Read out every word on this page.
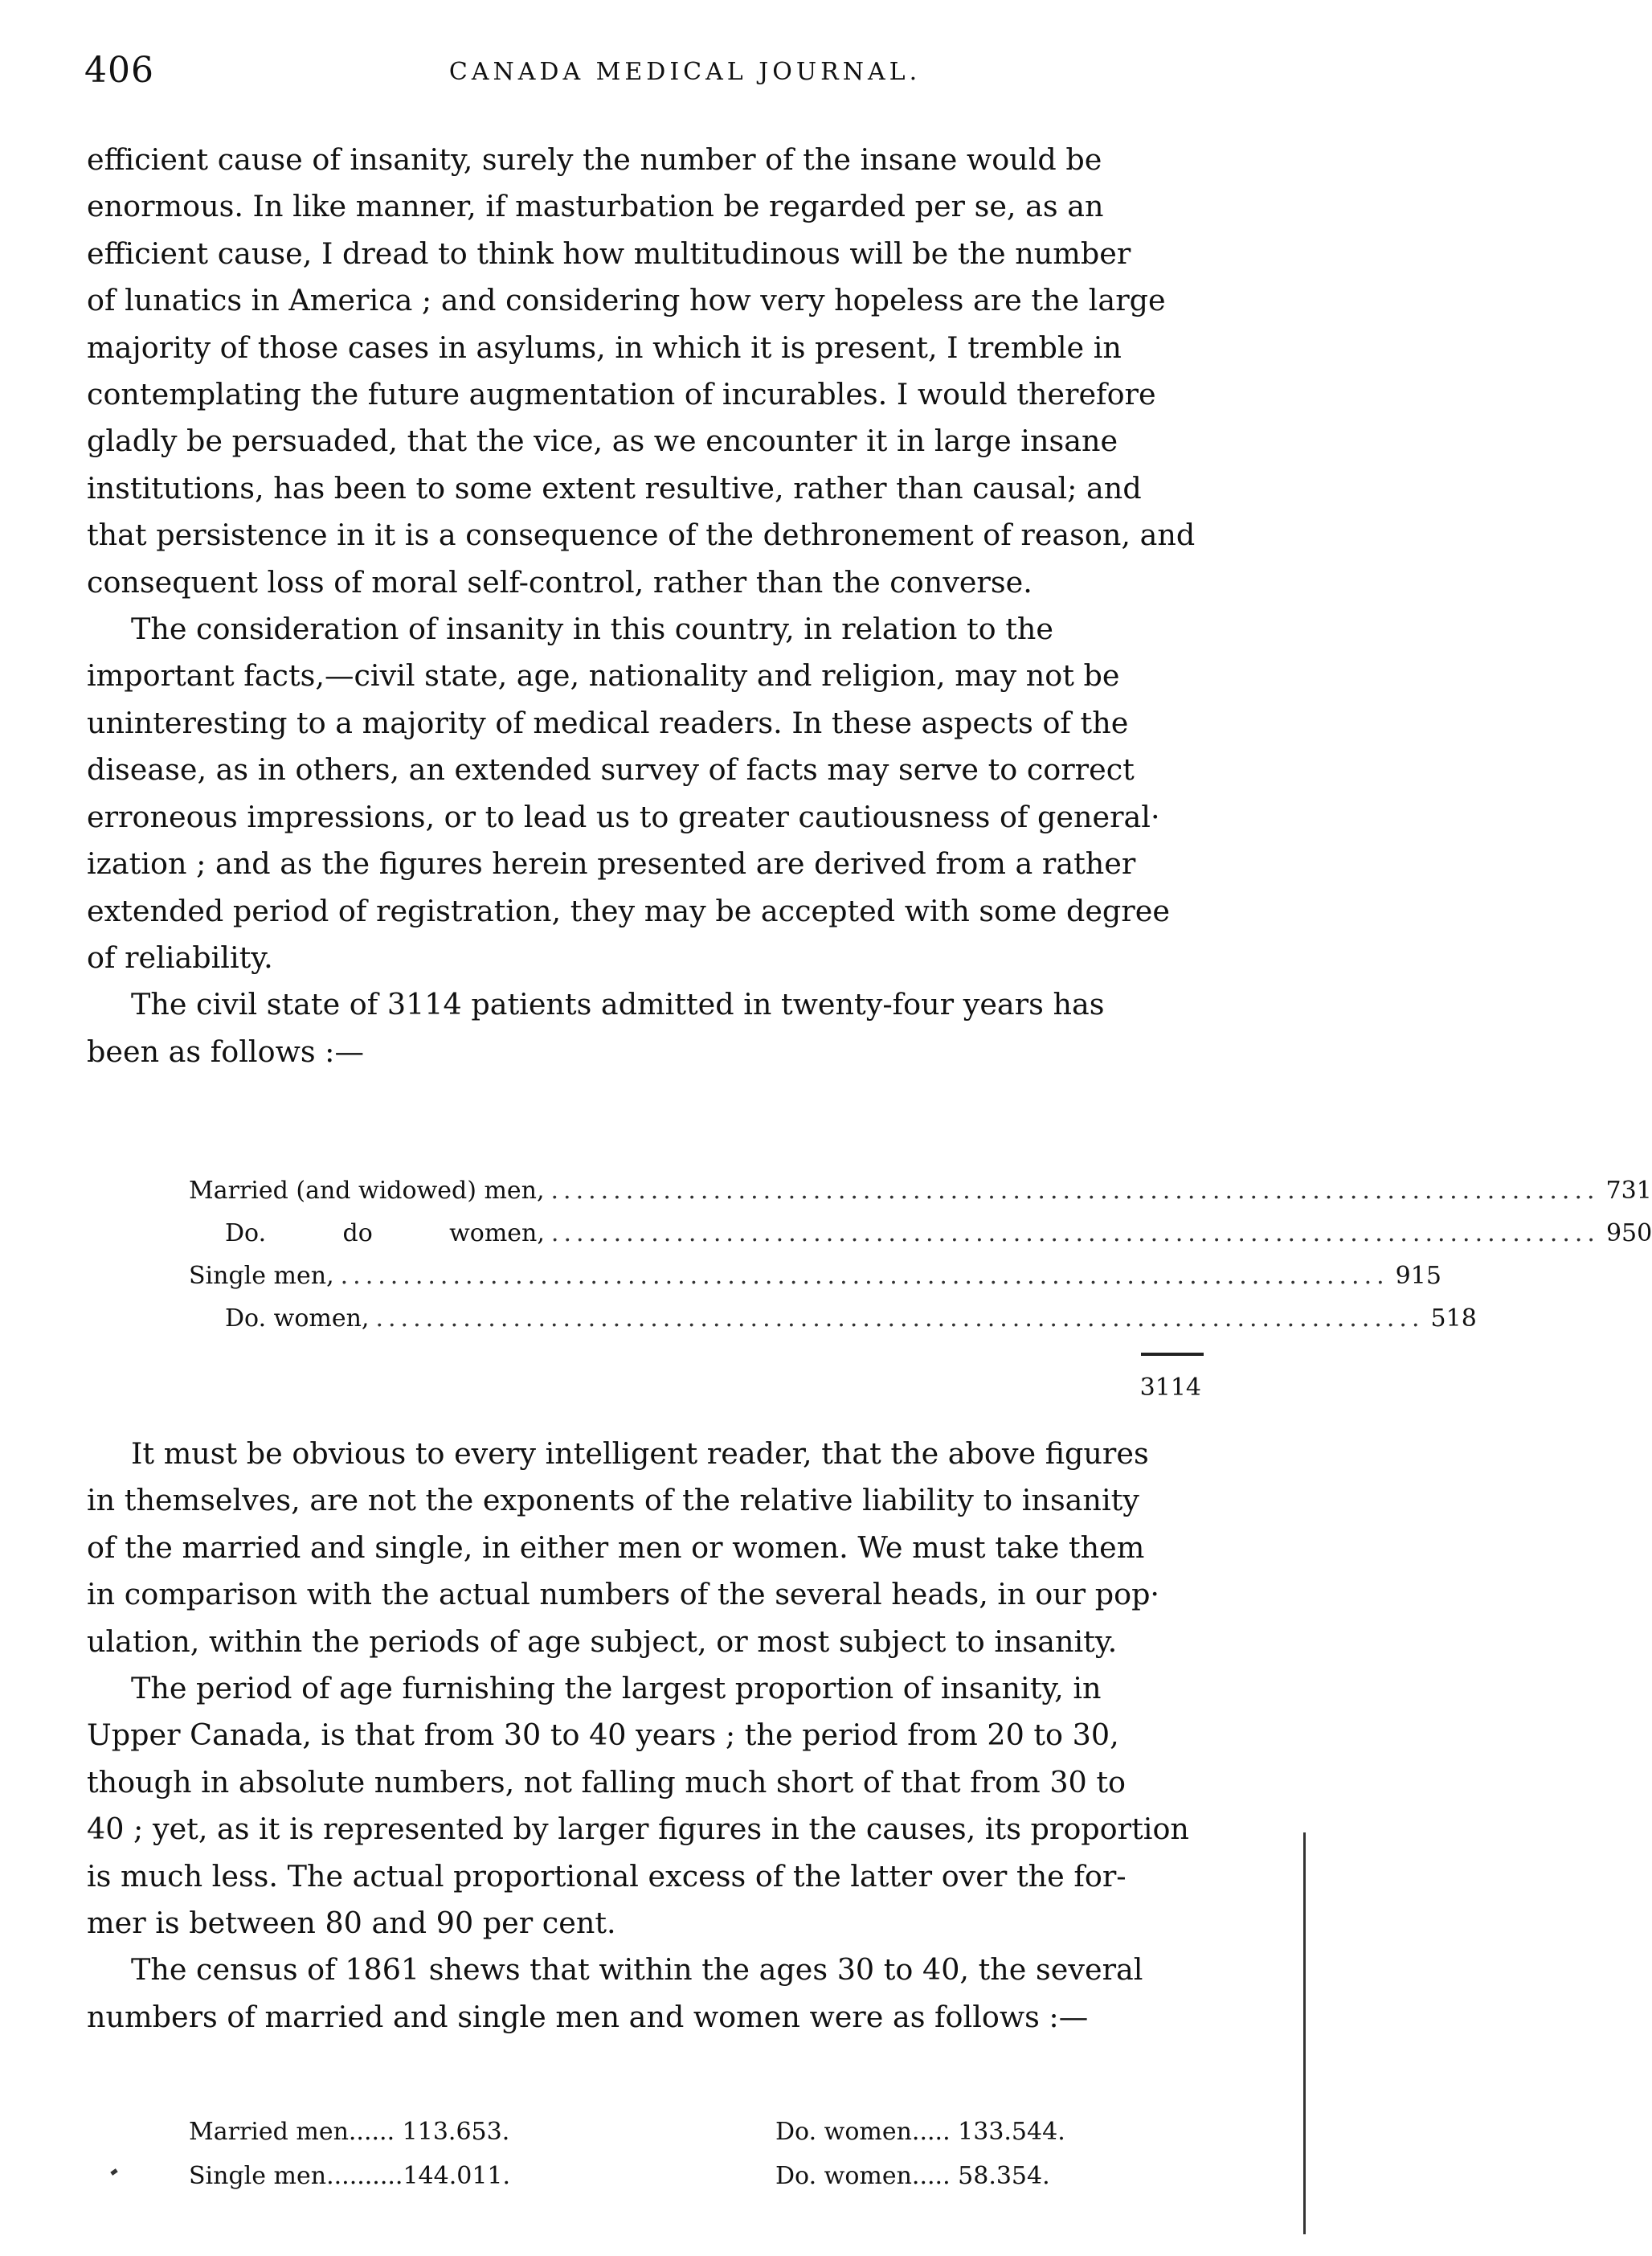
406	CANADA MEDICAL JOURNAL.

efficient cause of insanity, surely the number of the insane would be
enormous. In like manner, if masturbation be regarded per se, as an
efficient cause, I dread to think how multitudinous will be the number
of lunatics in America ; and considering how very hopeless are the large
majority of those cases in asylums, in which it is present, I tremble in
contemplating the future augmentation of incurables. I would therefore
gladly be persuaded, that the vice, as we encounter it in large insane
institutions, has been to some extent resultive, rather than causal; and
that persistence in it is a consequence of the dethronement of reason, and
consequent loss of moral self-control, rather than the converse.

The consideration of insanity in this country, in relation to the
important facts,—civil state, age, nationality and religion, may not be
uninteresting to a majority of medical readers. In these aspects of the
disease, as in others, an extended survey of facts may serve to correct
erroneous impressions, or to lead us to greater cautiousness of general·
ization ; and as the figures herein presented are derived from a rather
extended period of registration, they may be accepted with some degree
of reliability.

The civil state of 3114 patients admitted in twenty-four years has
been as follows :—

Married (and widowed) men, .................................................................................... 731
Do.          do          women, .................................................................................... 950
Single men, .................................................................................... 915
Do. women, .................................................................................... 518
3114

It must be obvious to every intelligent reader, that the above figures
in themselves, are not the exponents of the relative liability to insanity
of the married and single, in either men or women. We must take them
in comparison with the actual numbers of the several heads, in our pop·
ulation, within the periods of age subject, or most subject to insanity.

The period of age furnishing the largest proportion of insanity, in
Upper Canada, is that from 30 to 40 years ; the period from 20 to 30,
though in absolute numbers, not falling much short of that from 30 to
40 ; yet, as it is represented by larger figures in the causes, its proportion
is much less. The actual proportional excess of the latter over the for-
mer is between 80 and 90 per cent.

The census of 1861 shews that within the ages 30 to 40, the several
numbers of married and single men and women were as follows :—

Married men...... 113.653.	Do. women..... 133.544.
Single men..........144.011.	Do. women..... 58.354.
